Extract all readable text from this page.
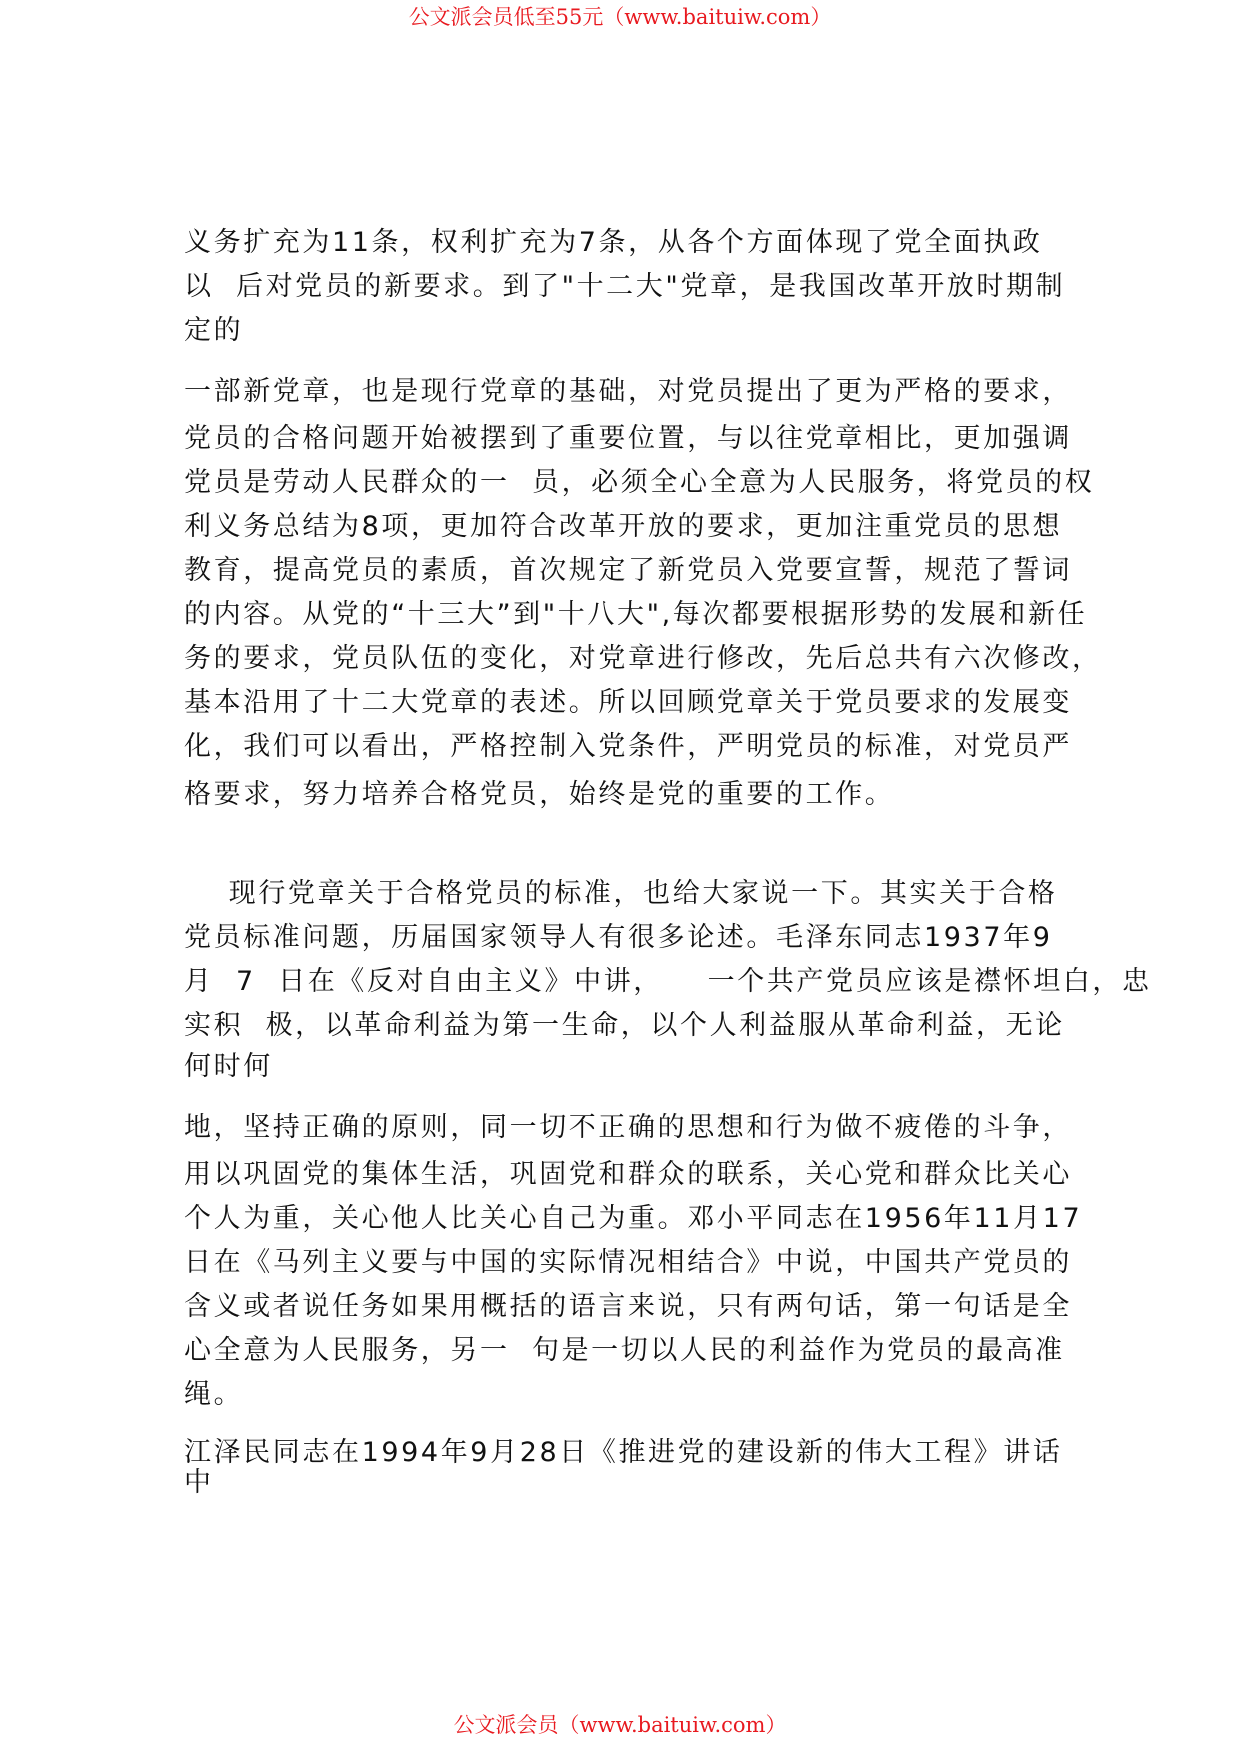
公文派会员低至55元（www.baituiw.com）
义务扩充为11条，权利扩充为7条，从各个方面体现了党全面执政
以  后对党员的新要求。到了"十二大"党章，是我国改革开放时期制
定的
一部新党章，也是现行党章的基础，对党员提出了更为严格的要求，
党员的合格问题开始被摆到了重要位置，与以往党章相比，更加强调
党员是劳动人民群众的一  员，必须全心全意为人民服务，将党员的权
利义务总结为8项，更加符合改革开放的要求，更加注重党员的思想
教育，提高党员的素质，首次规定了新党员入党要宣誓，规范了誓词
的内容。从党的“十三大”到"十八大",每次都要根据形势的发展和新任
务的要求，党员队伍的变化，对党章进行修改，先后总共有六次修改，
基本沿用了十二大党章的表述。所以回顾党章关于党员要求的发展变
化，我们可以看出，严格控制入党条件，严明党员的标准，对党员严
格要求，努力培养合格党员，始终是党的重要的工作。
现行党章关于合格党员的标准，也给大家说一下。其实关于合格
党员标准问题，历届国家领导人有很多论述。毛泽东同志1937年9
月  7  日在《反对自由主义》中讲，    一个共产党员应该是襟怀坦白，忠
实积  极，以革命利益为第一生命，以个人利益服从革命利益，无论
何时何
地，坚持正确的原则，同一切不正确的思想和行为做不疲倦的斗争，
用以巩固党的集体生活，巩固党和群众的联系，关心党和群众比关心
个人为重，关心他人比关心自己为重。邓小平同志在1956年11月17
日在《马列主义要与中国的实际情况相结合》中说，中国共产党员的
含义或者说任务如果用概括的语言来说，只有两句话，第一句话是全
心全意为人民服务，另一  句是一切以人民的利益作为党员的最高准
绳。
江泽民同志在1994年9月28日《推进党的建设新的伟大工程》讲话
中
公文派会员（www.baituiw.com）
